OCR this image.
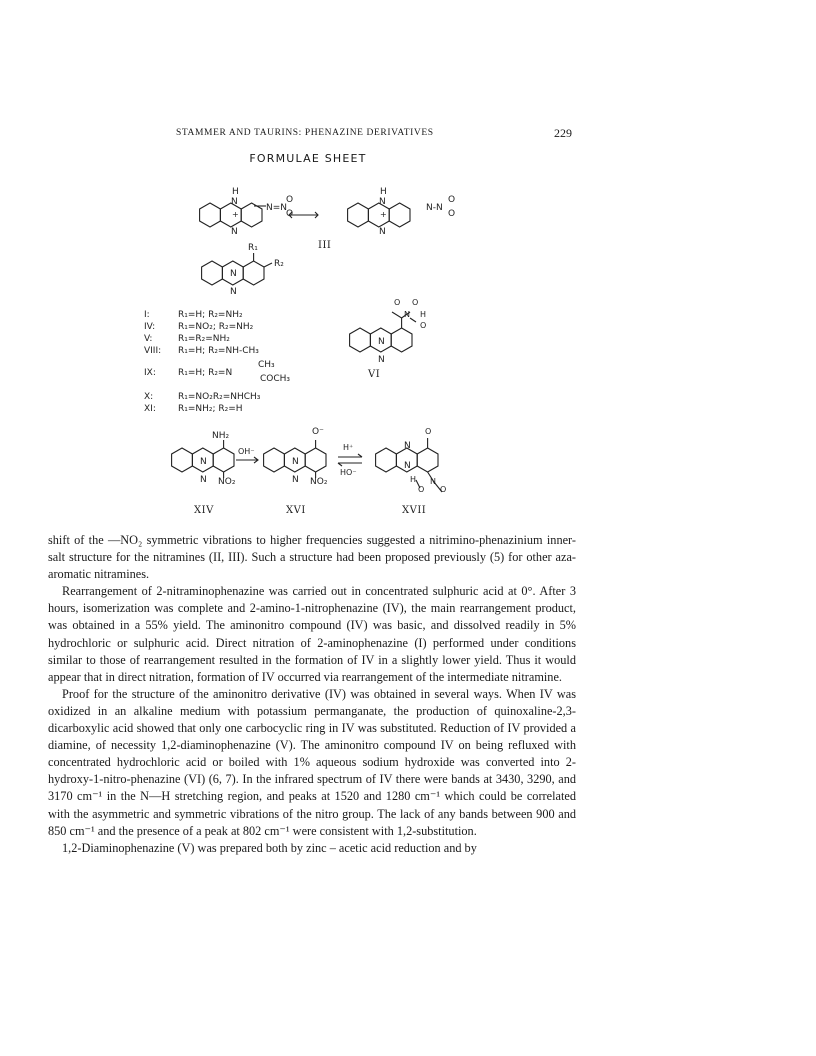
STAMMER AND TAURINS: PHENAZINE DERIVATIVES	229
FORMULAE SHEET
H
N
+
N
N=N
O
O
H
N
+
N
N-N
O
O
III
N
N
R₁
R₂
I:	R₁=H; R₂=NH₂
IV:	R₁=NO₂; R₂=NH₂
V:	R₁=R₂=NH₂
VIII: R₁=H; R₂=NH-CH₃
IX: R₁=H; R₂=N
CH₃
COCH₃
X:	R₁=NO₂R₂=NHCH₃
XI: R₁=NH₂; R₂=H
O O
N H
O
N
N
VI
NH₂
N
N NO₂
OH⁻
XIV
O⁻
N
N NO₂
H⁺
HO⁻
XVI
O
N
N
H N
O O
XVII

shift of the —NO₂ symmetric vibrations to higher frequencies suggested a nitrimino-phenazinium inner-salt structure for the nitramines (II, III). Such a structure had been proposed previously (5) for other aza-aromatic nitramines.

Rearrangement of 2-nitraminophenazine was carried out in concentrated sulphuric acid at 0°. After 3 hours, isomerization was complete and 2-amino-1-nitrophenazine (IV), the main rearrangement product, was obtained in a 55% yield. The aminonitro compound (IV) was basic, and dissolved readily in 5% hydrochloric or sulphuric acid. Direct nitration of 2-aminophenazine (I) performed under conditions similar to those of rearrangement resulted in the formation of IV in a slightly lower yield. Thus it would appear that in direct nitration, formation of IV occurred via rearrangement of the intermediate nitramine.

Proof for the structure of the aminonitro derivative (IV) was obtained in several ways. When IV was oxidized in an alkaline medium with potassium permanganate, the production of quinoxaline-2,3-dicarboxylic acid showed that only one carbocyclic ring in IV was substituted. Reduction of IV provided a diamine, of necessity 1,2-diaminophenazine (V). The aminonitro compound IV on being refluxed with concentrated hydrochloric acid or boiled with 1% aqueous sodium hydroxide was converted into 2-hydroxy-1-nitro-phenazine (VI) (6, 7). In the infrared spectrum of IV there were bands at 3430, 3290, and 3170 cm⁻¹ in the N—H stretching region, and peaks at 1520 and 1280 cm⁻¹ which could be correlated with the asymmetric and symmetric vibrations of the nitro group. The lack of any bands between 900 and 850 cm⁻¹ and the presence of a peak at 802 cm⁻¹ were consistent with 1,2-substitution.

1,2-Diaminophenazine (V) was prepared both by zinc – acetic acid reduction and by
